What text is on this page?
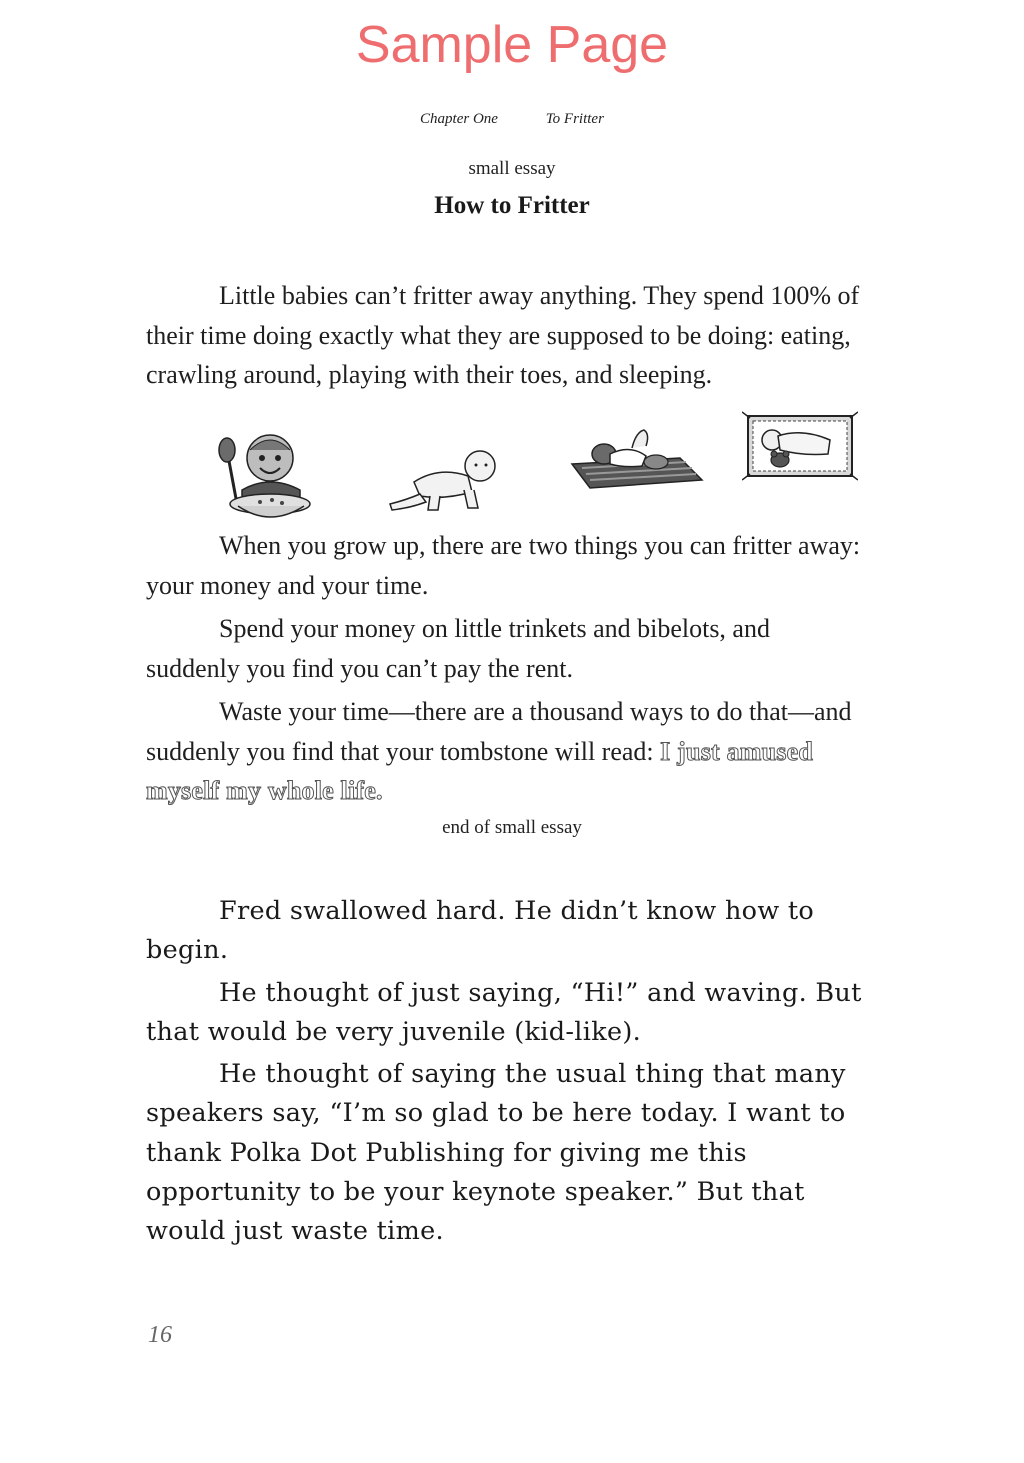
Sample Page
Chapter One	To Fritter
small essay
How to Fritter

Little babies can’t fritter away anything. They spend 100% of their time doing exactly what they are supposed to be doing: eating, crawling around, playing with their toes, and sleeping.

When you grow up, there are two things you can fritter away: your money and your time.

Spend your money on little trinkets and bibelots, and suddenly you find you can’t pay the rent.

Waste your time—there are a thousand ways to do that—and suddenly you find that your tombstone will read: I just amused myself my whole life.

end of small essay

Fred swallowed hard. He didn’t know how to begin.

He thought of just saying, “Hi!” and waving. But that would be very juvenile (kid-like).

He thought of saying the usual thing that many speakers say, “I’m so glad to be here today. I want to thank Polka Dot Publishing for giving me this opportunity to be your keynote speaker.” But that would just waste time.

16
